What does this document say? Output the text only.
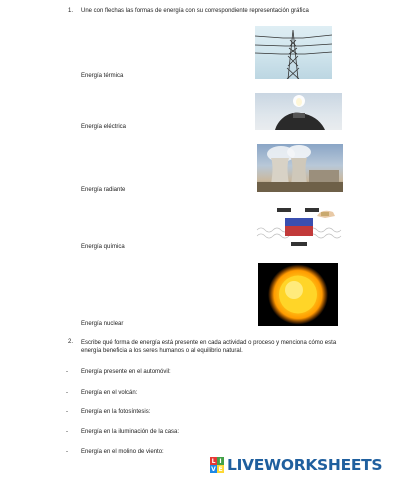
1. Une con flechas las formas de energía con su correspondiente representación gráfica
Energía térmica
Energía eléctrica
Energía radiante
Energía química
Energía nuclear
2. Escribe qué forma de energía está presente en cada actividad o proceso y menciona cómo esta energía beneficia a los seres humanos o al equilibrio natural.
- Energía presente en el automóvil:
- Energía en el volcán:
- Energía en la fotosíntesis:
- Energía en la iluminación de la casa:
- Energía en el molino de viento:
L I
V E LIVEWORKSHEETS
